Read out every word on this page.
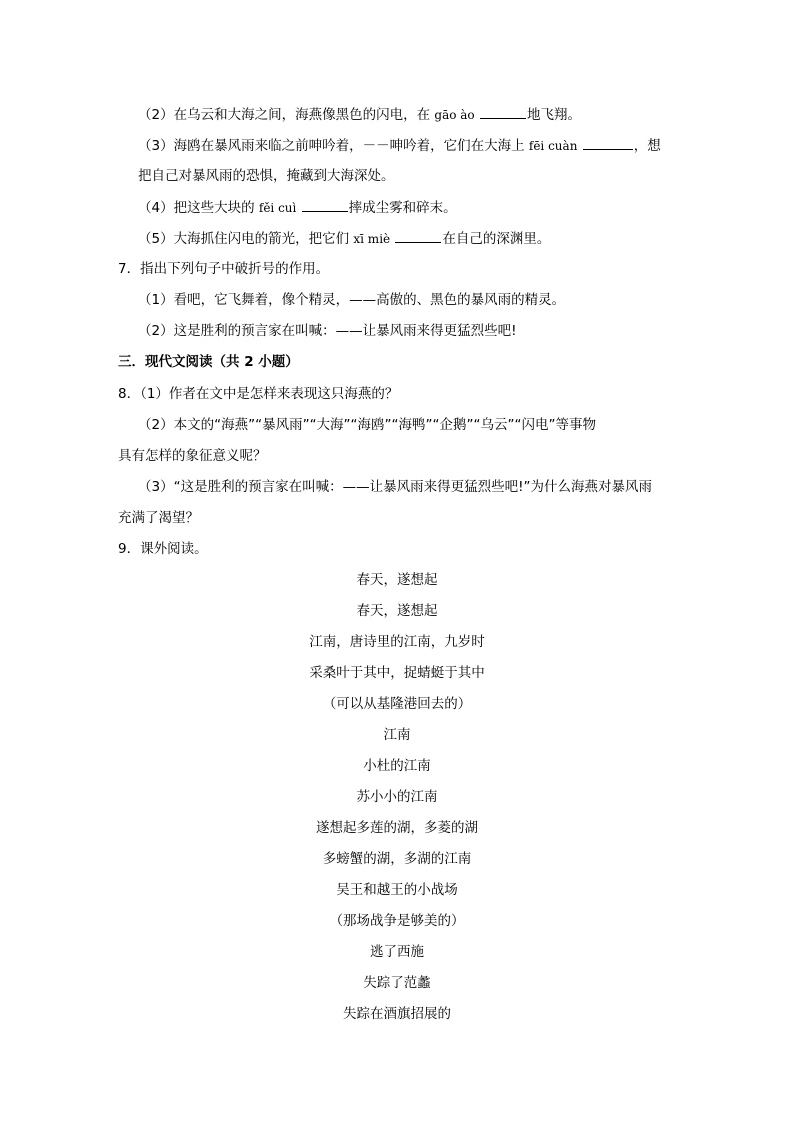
（2）在乌云和大海之间，海燕像黑色的闪电，在 gāo ào	地飞翔。
（3）海鸥在暴风雨来临之前呻吟着，－－呻吟着，它们在大海上 fēi cuàn	，想
把自己对暴风雨的恐惧，掩藏到大海深处。
（4）把这些大块的 fěi cuì	摔成尘雾和碎末。
（5）大海抓住闪电的箭光，把它们 xī miè	在自己的深渊里。
7．指出下列句子中破折号的作用。
（1）看吧，它飞舞着，像个精灵，——高傲的、黑色的暴风雨的精灵。
（2）这是胜利的预言家在叫喊：——让暴风雨来得更猛烈些吧!
三．现代文阅读（共 2 小题）
8．（1）作者在文中是怎样来表现这只海燕的？
（2）本文的“海燕”“暴风雨”“大海”“海鸥”“海鸭”“企鹅”“乌云”“闪电”等事物
具有怎样的象征意义呢？
（3）“这是胜利的预言家在叫喊：——让暴风雨来得更猛烈些吧!”为什么海燕对暴风雨
充满了渴望？
9．课外阅读。
春天，遂想起
春天，遂想起
江南，唐诗里的江南，九岁时
采桑叶于其中，捉蜻蜓于其中
（可以从基隆港回去的）
江南
小杜的江南
苏小小的江南
遂想起多莲的湖，多菱的湖
多螃蟹的湖，多湖的江南
吴王和越王的小战场
（那场战争是够美的）
逃了西施
失踪了范蠡
失踪在酒旗招展的
